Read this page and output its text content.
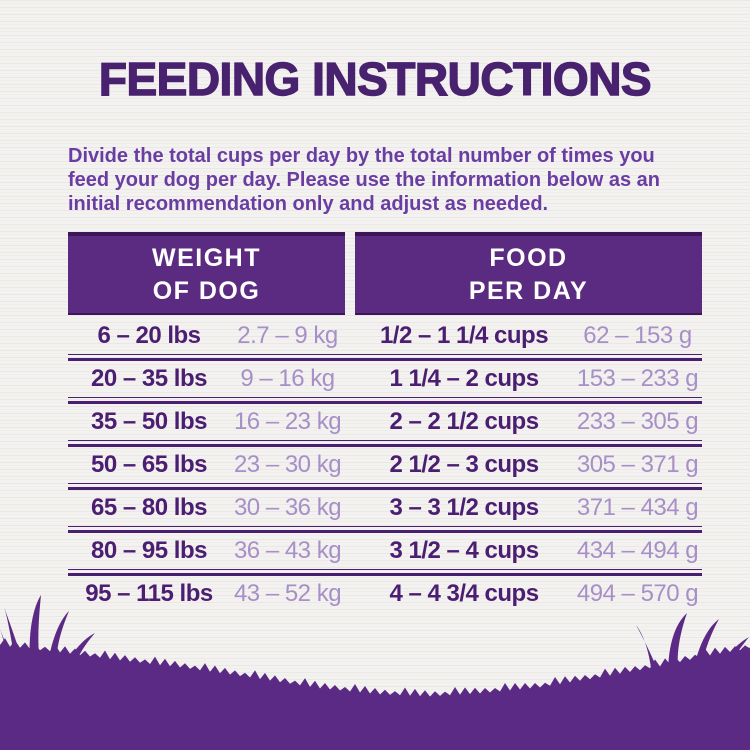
FEEDING INSTRUCTIONS
Divide the total cups per day by the total number of times you feed your dog per day. Please use the information below as an initial recommendation only and adjust as needed.
WEIGHT
OF DOG
FOOD
PER DAY
6 – 20 lbs	2.7 – 9 kg	1/2 – 1 1/4 cups	62 – 153 g
20 – 35 lbs	9 – 16 kg	1 1/4 – 2 cups	153 – 233 g
35 – 50 lbs	16 – 23 kg	2 – 2 1/2 cups	233 – 305 g
50 – 65 lbs	23 – 30 kg	2 1/2 – 3 cups	305 – 371 g
65 – 80 lbs	30 – 36 kg	3 – 3 1/2 cups	371 – 434 g
80 – 95 lbs	36 – 43 kg	3 1/2 – 4 cups	434 – 494 g
95 – 115 lbs 43 – 52 kg	4 – 4 3/4 cups	494 – 570 g
